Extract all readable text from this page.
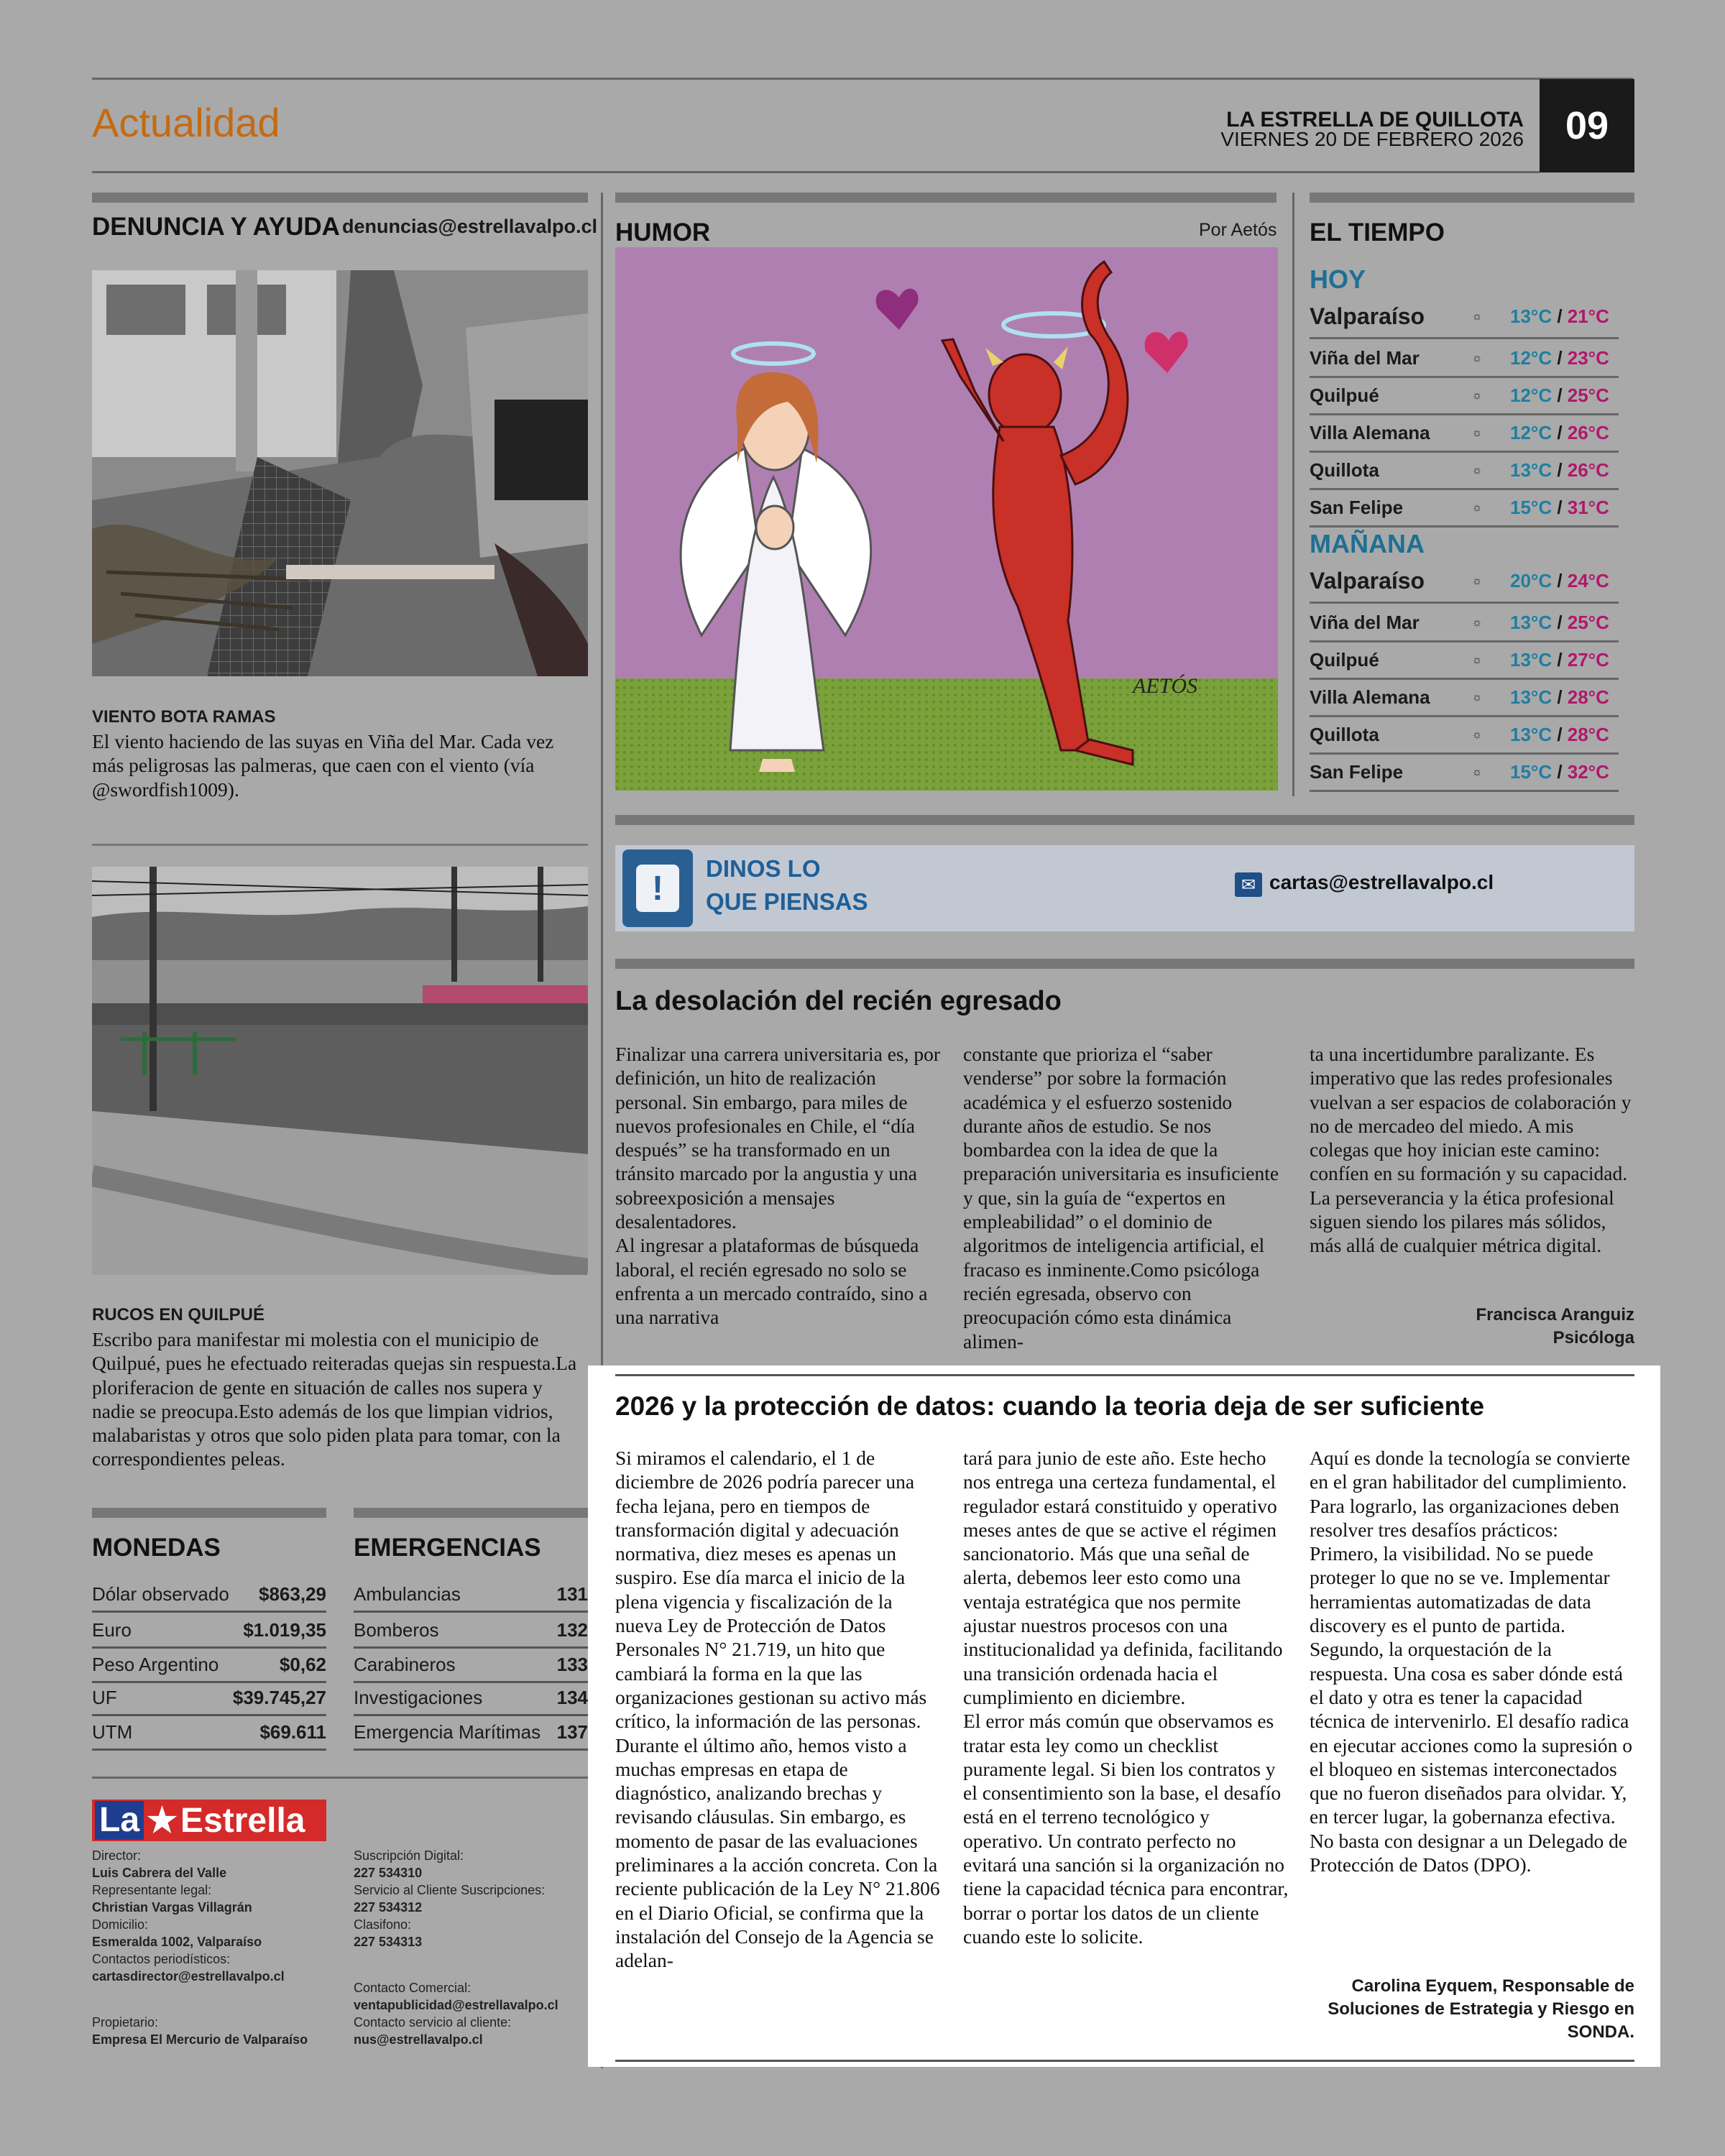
Actualidad	LA ESTRELLA DE QUILLOTA
VIERNES 20 DE FEBRERO 2026	09
DENUNCIA Y AYUDA denuncias@estrellavalpo.cl
VIENTO BOTA RAMAS
El viento haciendo de las suyas en Viña del Mar. Cada vez más peligrosas las palmeras, que caen con el viento (vía @swordfish1009).
RUCOS EN QUILPUÉ
Escribo para manifestar mi molestia con el municipio de Quilpué, pues he efectuado reiteradas quejas sin respuesta.La ploriferacion de gente en situación de calles nos supera y nadie se preocupa.Esto además de los que limpian vidrios, malabaristas y otros que solo piden plata para tomar, con la correspondientes peleas.
MONEDAS
Dólar observado $863,29
Euro	$1.019,35
Peso Argentino	$0,62
UF	$39.745,27
UTM	$69.611
EMERGENCIAS
Ambulancias	131
Bomberos	132
Carabineros	133
Investigaciones	134
Emergencia Marítimas 137
La ★ Estrella
Director:
Luis Cabrera del Valle
Representante legal:
Christian Vargas Villagrán
Domicilio:
Esmeralda 1002, Valparaíso
Contactos periodísticos:
cartasdirector@estrellavalpo.cl
Propietario:
Empresa El Mercurio de Valparaíso
Suscripción Digital:
227 534310
Servicio al Cliente Suscripciones:
227 534312
Clasifono:
227 534313
Contacto Comercial:
ventapublicidad@estrellavalpo.cl
Contacto servicio al cliente:
nus@estrellavalpo.cl
HUMOR	Por Aetós
AETÓS
EL TIEMPO
HOY
Valparaíso	☼	13°C / 21°C
Viña del Mar	☼	12°C / 23°C
Quilpué	☼	12°C / 25°C
Villa Alemana	☼	12°C / 26°C
Quillota	☼	13°C / 26°C
San Felipe	☼	15°C / 31°C
MAÑANA
Valparaíso	☼	20°C / 24°C
Viña del Mar	☼	13°C / 25°C
Quilpué	☼	13°C / 27°C
Villa Alemana	☼	13°C / 28°C
Quillota	☼	13°C / 28°C
San Felipe	☼	15°C / 32°C
!
DINOS LO
QUE PIENSAS
✉ cartas@estrellavalpo.cl
La desolación del recién egresado

Finalizar una carrera universitaria es, por definición, un hito de realización personal. Sin embargo, para miles de nuevos profesionales en Chile, el “día después” se ha transformado en un tránsito marcado por la angustia y una sobreexposición a mensajes desalentadores.

Al ingresar a plataformas de búsqueda laboral, el recién egresado no solo se enfrenta a un mercado contraído, sino a una narrativa

constante que prioriza el “saber venderse” por sobre la formación académica y el esfuerzo sostenido durante años de estudio. Se nos bombardea con la idea de que la preparación universitaria es insuficiente y que, sin la guía de “expertos en empleabilidad” o el dominio de algoritmos de inteligencia artificial, el fracaso es inminente.Como psicóloga recién egresada, observo con preocupación cómo esta dinámica alimen-

ta una incertidumbre paralizante. Es imperativo que las redes profesionales vuelvan a ser espacios de colaboración y no de mercadeo del miedo. A mis colegas que hoy inician este camino: confíen en su formación y su capacidad. La perseverancia y la ética profesional siguen siendo los pilares más sólidos, más allá de cualquier métrica digital.

Francisca Aranguiz
Psicóloga
2026 y la protección de datos: cuando la teoria deja de ser suficiente

Si miramos el calendario, el 1 de diciembre de 2026 podría parecer una fecha lejana, pero en tiempos de transformación digital y adecuación normativa, diez meses es apenas un suspiro. Ese día marca el inicio de la plena vigencia y fiscalización de la nueva Ley de Protección de Datos Personales N° 21.719, un hito que cambiará la forma en la que las organizaciones gestionan su activo más crítico, la información de las personas.

Durante el último año, hemos visto a muchas empresas en etapa de diagnóstico, analizando brechas y revisando cláusulas. Sin embargo, es momento de pasar de las evaluaciones preliminares a la acción concreta. Con la reciente publicación de la Ley N° 21.806 en el Diario Oficial, se confirma que la instalación del Consejo de la Agencia se adelan-

tará para junio de este año. Este hecho nos entrega una certeza fundamental, el regulador estará constituido y operativo meses antes de que se active el régimen sancionatorio. Más que una señal de alerta, debemos leer esto como una ventaja estratégica que nos permite ajustar nuestros procesos con una institucionalidad ya definida, facilitando una transición ordenada hacia el cumplimiento en diciembre.

El error más común que observamos es tratar esta ley como un checklist puramente legal. Si bien los contratos y el consentimiento son la base, el desafío está en el terreno tecnológico y operativo. Un contrato perfecto no evitará una sanción si la organización no tiene la capacidad técnica para encontrar, borrar o portar los datos de un cliente cuando este lo solicite.

Aquí es donde la tecnología se convierte en el gran habilitador del cumplimiento. Para lograrlo, las organizaciones deben resolver tres desafíos prácticos:

Primero, la visibilidad. No se puede proteger lo que no se ve. Implementar herramientas automatizadas de data discovery es el punto de partida.

Segundo, la orquestación de la respuesta. Una cosa es saber dónde está el dato y otra es tener la capacidad técnica de intervenirlo. El desafío radica en ejecutar acciones como la supresión o el bloqueo en sistemas interconectados que no fueron diseñados para olvidar. Y, en tercer lugar, la gobernanza efectiva. No basta con designar a un Delegado de Protección de Datos (DPO).

Carolina Eyquem, Responsable de
Soluciones de Estrategia y Riesgo en
SONDA.
